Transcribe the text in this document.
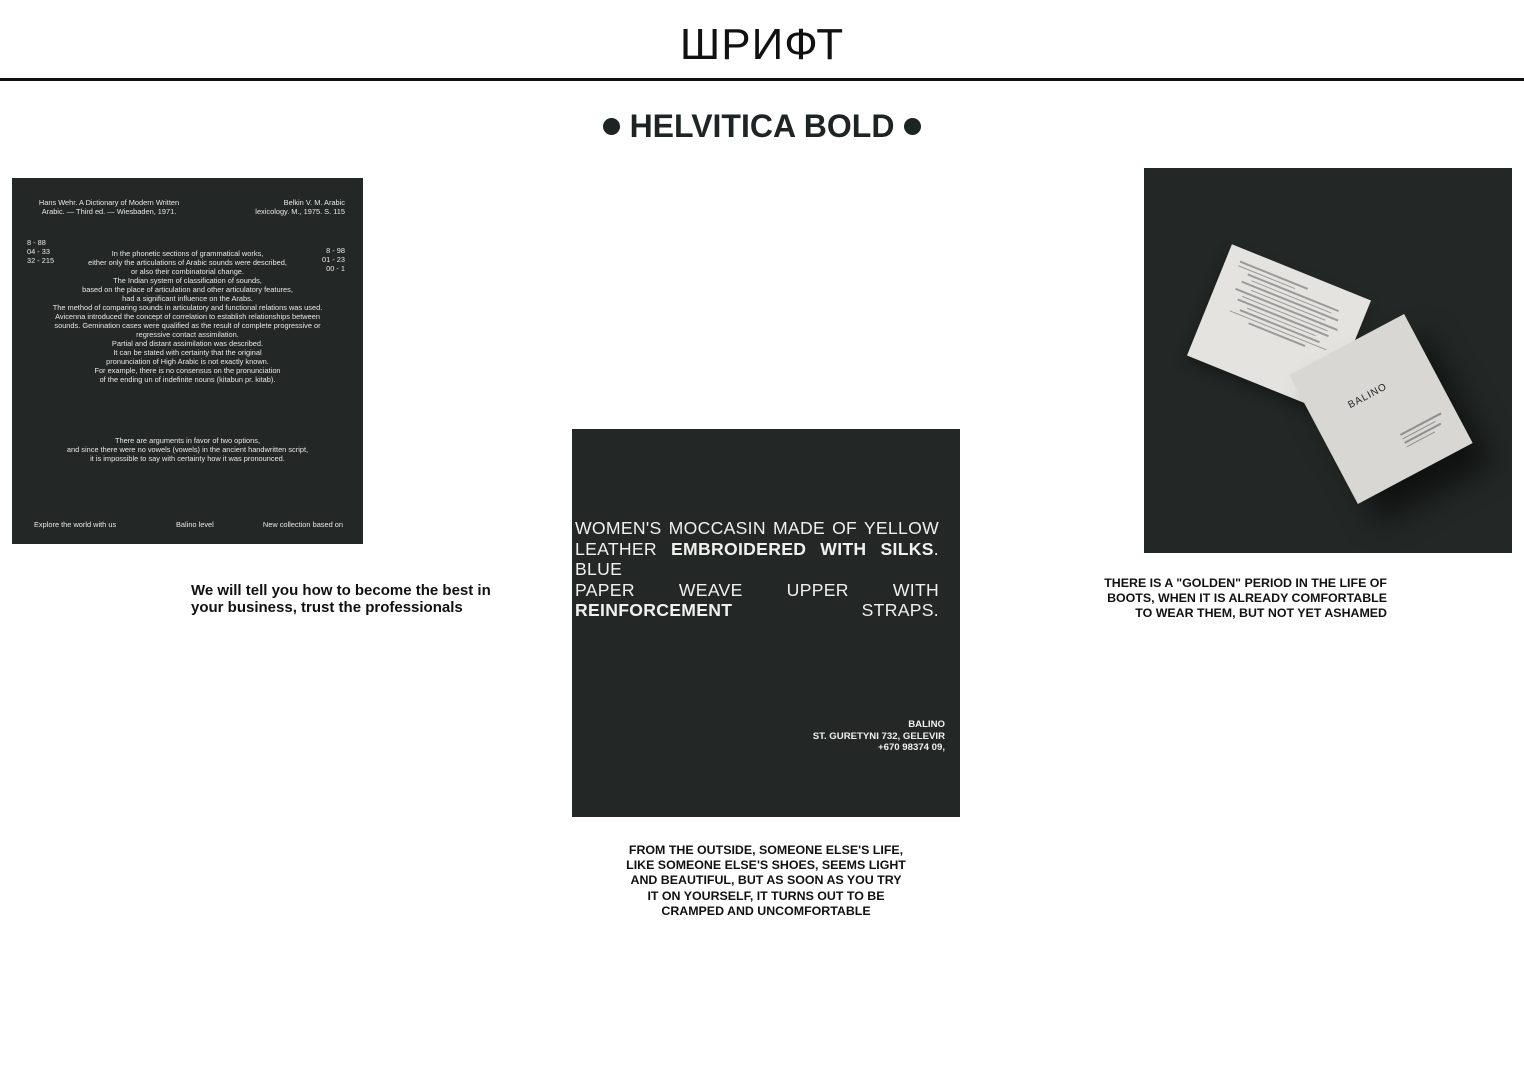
ШРИФТ
HELVITICA BOLD
Hans Wehr. A Dictionary of Modern Written
Arabic. — Third ed. — Wiesbaden, 1971.
Belkin V. M. Arabic
lexicology. M., 1975. S. 115
8 - 88
04 - 33
32 - 215
8 - 98
01 - 23
00 - 1
In the phonetic sections of grammatical works,
either only the articulations of Arabic sounds were described,
or also their combinatorial change.
The Indian system of classification of sounds,
based on the place of articulation and other articulatory features,
had a significant influence on the Arabs.
The method of comparing sounds in articulatory and functional relations was used.
Avicenna introduced the concept of correlation to establish relationships between
sounds. Gemination cases were qualified as the result of complete progressive or
regressive contact assimilation.
Partial and distant assimilation was described.
It can be stated with certainty that the original
pronunciation of High Arabic is not exactly known.
For example, there is no consensus on the pronunciation
of the ending un of indefinite nouns (kitabun pr. kitab).
There are arguments in favor of two options,
and since there were no vowels (vowels) in the ancient handwritten script,
it is impossible to say with certainty how it was pronounced.
Explore the world with us	Balino level	New collection based on
We will tell you how to become the best in your business, trust the professionals
WOMEN'S MOCCASIN MADE OF YELLOW
LEATHER EMBROIDERED WITH SILKS. BLUE
PAPER WEAVE UPPER WITH
REINFORCEMENT	STRAPS.
BALINO
ST. GURETYNI 732, GELEVIR
+670 98374 09,
FROM THE OUTSIDE, SOMEONE ELSE'S LIFE,
LIKE SOMEONE ELSE'S SHOES, SEEMS LIGHT
AND BEAUTIFUL, BUT AS SOON AS YOU TRY
IT ON YOURSELF, IT TURNS OUT TO BE
CRAMPED AND UNCOMFORTABLE
BALINO
THERE IS A "GOLDEN" PERIOD IN THE LIFE OF
BOOTS, WHEN IT IS ALREADY COMFORTABLE
TO WEAR THEM, BUT NOT YET ASHAMED
